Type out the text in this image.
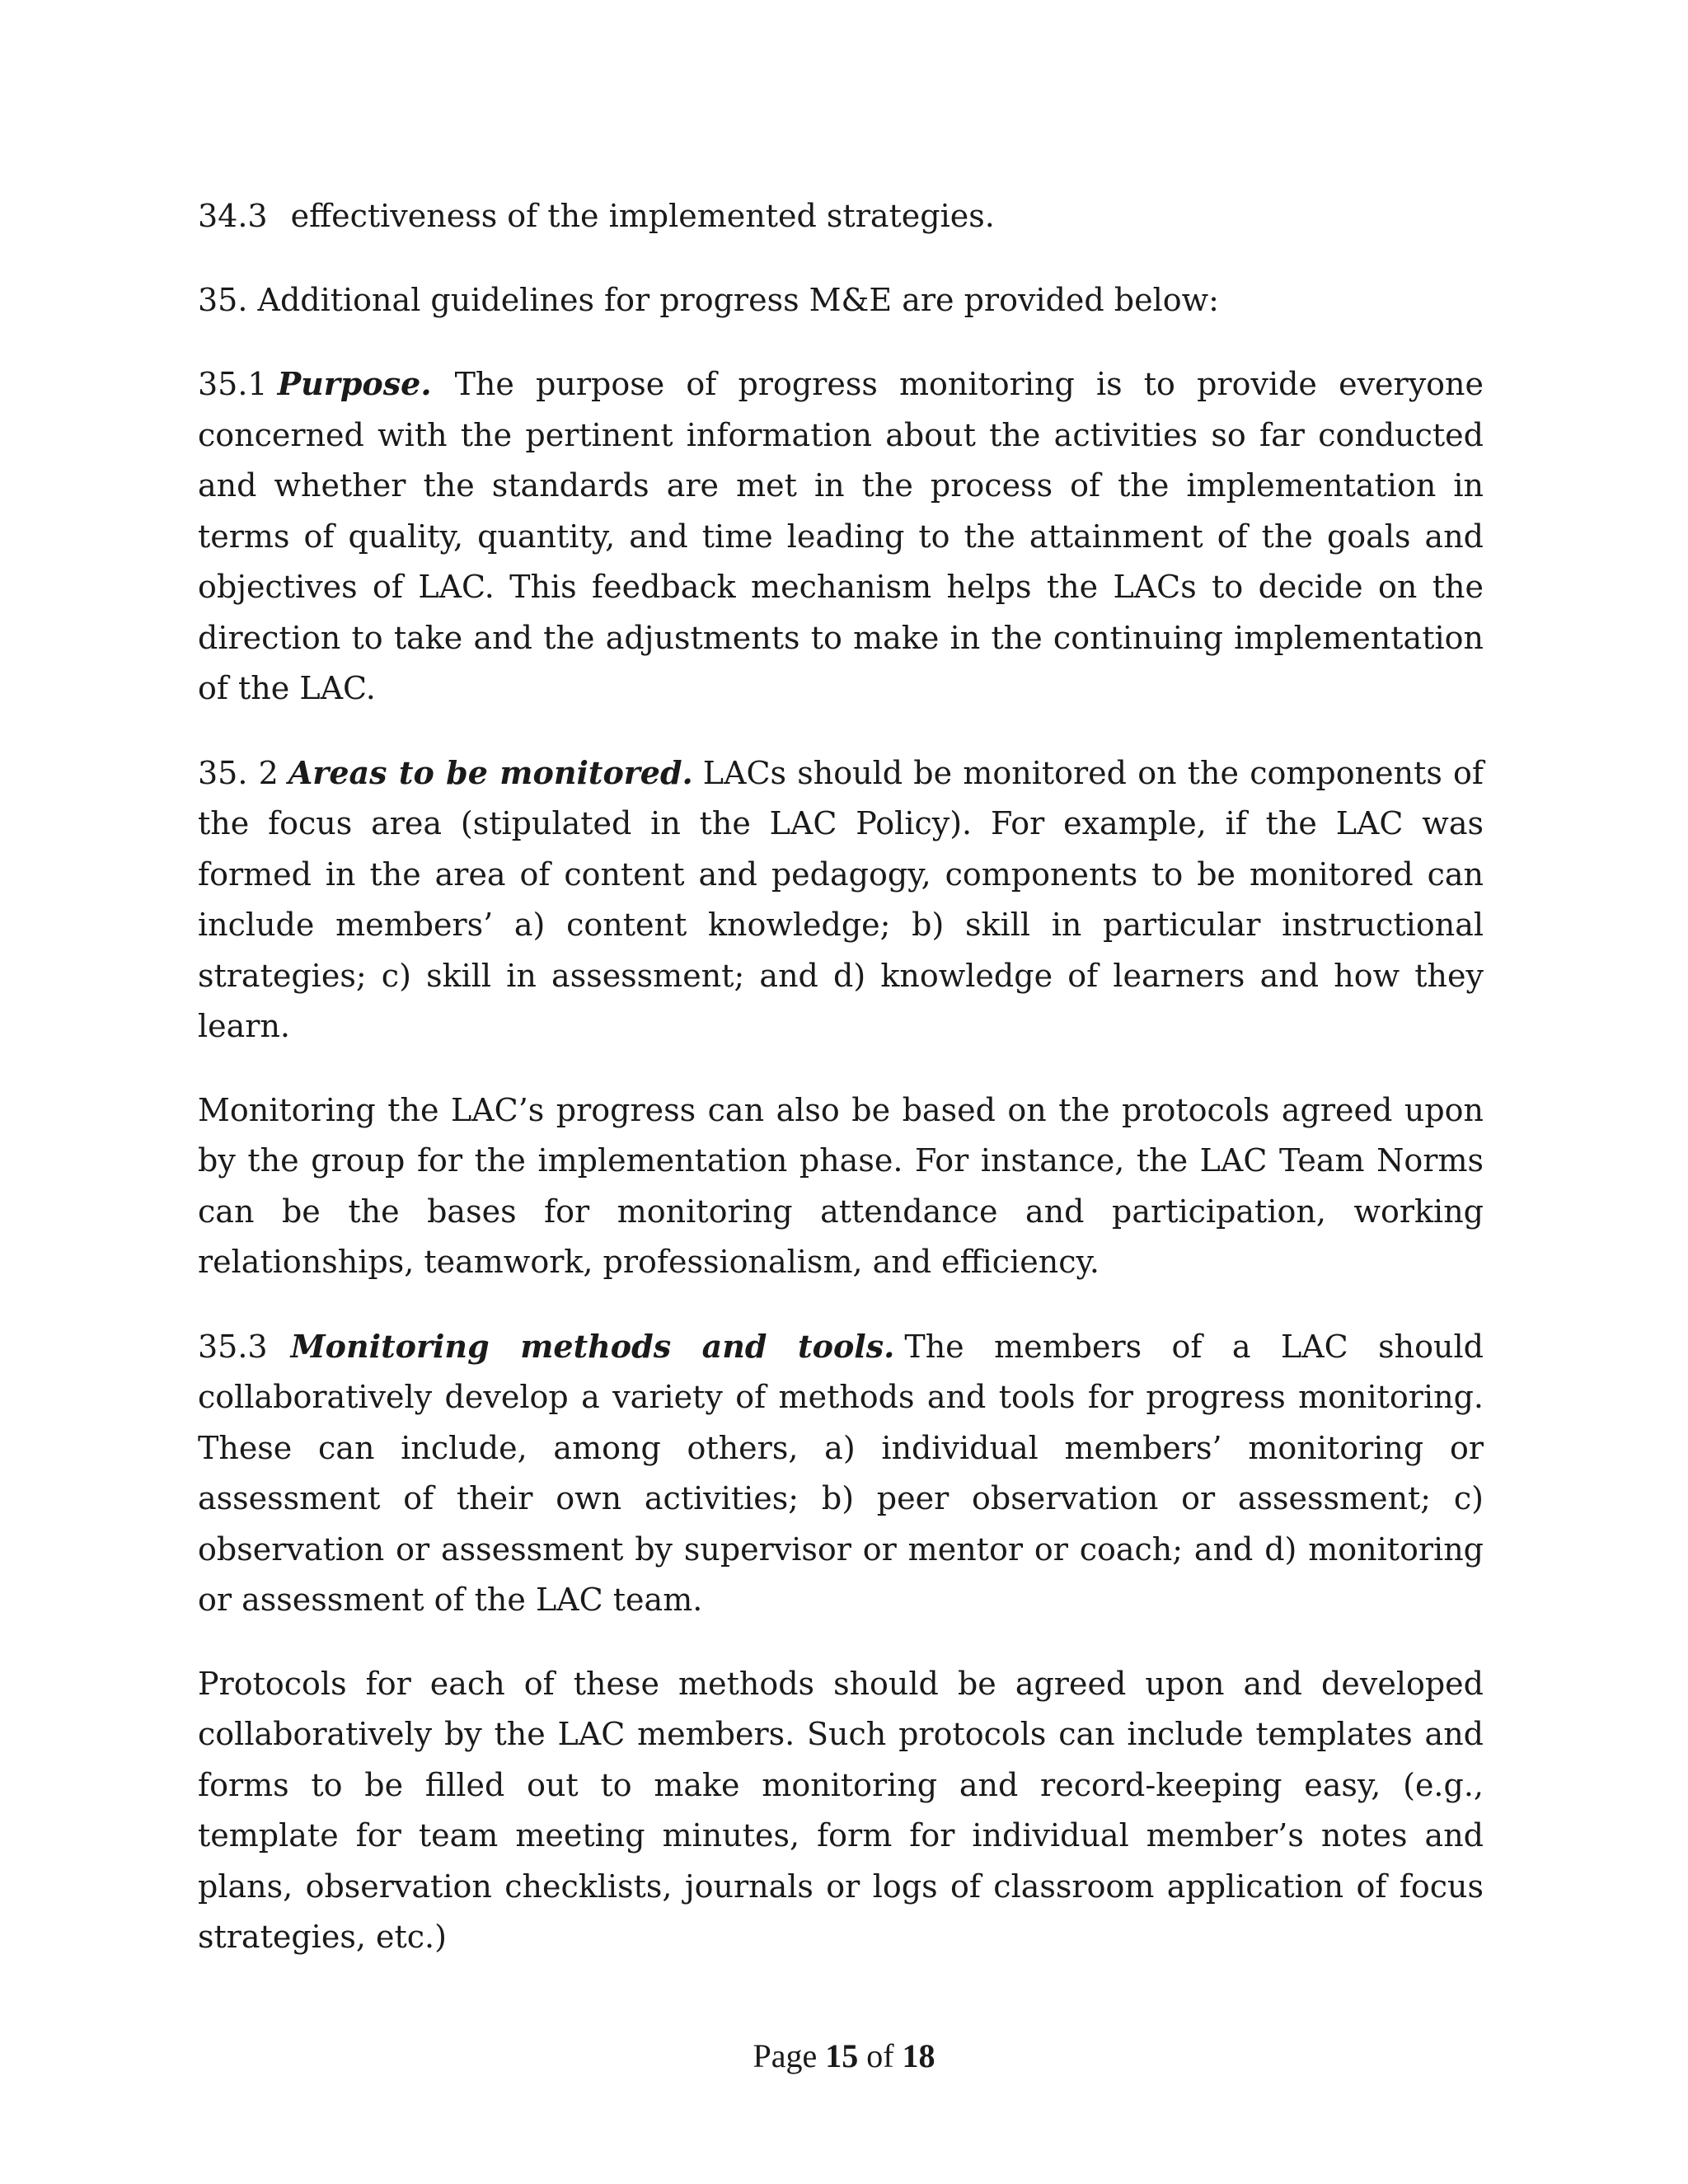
34.3 effectiveness of the implemented strategies.

35. Additional guidelines for progress M&E are provided below:

35.1 Purpose. The purpose of progress monitoring is to provide everyone concerned with the pertinent information about the activities so far conducted and whether the standards are met in the process of the implementation in terms of quality, quantity, and time leading to the attainment of the goals and objectives of LAC. This feedback mechanism helps the LACs to decide on the direction to take and the adjustments to make in the continuing implementation of the LAC.

35. 2 Areas to be monitored. LACs should be monitored on the components of the focus area (stipulated in the LAC Policy). For example, if the LAC was formed in the area of content and pedagogy, components to be monitored can include members’ a) content knowledge; b) skill in particular instructional strategies; c) skill in assessment; and d) knowledge of learners and how they learn.

Monitoring the LAC’s progress can also be based on the protocols agreed upon by the group for the implementation phase. For instance, the LAC Team Norms can be the bases for monitoring attendance and participation, working relationships, teamwork, professionalism, and efficiency.

35.3 Monitoring methods and tools. The members of a LAC should collaboratively develop a variety of methods and tools for progress monitoring. These can include, among others, a) individual members’ monitoring or assessment of their own activities; b) peer observation or assessment; c) observation or assessment by supervisor or mentor or coach; and d) monitoring or assessment of the LAC team.

Protocols for each of these methods should be agreed upon and developed collaboratively by the LAC members. Such protocols can include templates and forms to be filled out to make monitoring and record-keeping easy, (e.g., template for team meeting minutes, form for individual member’s notes and plans, observation checklists, journals or logs of classroom application of focus strategies, etc.)

Page 15 of 18
